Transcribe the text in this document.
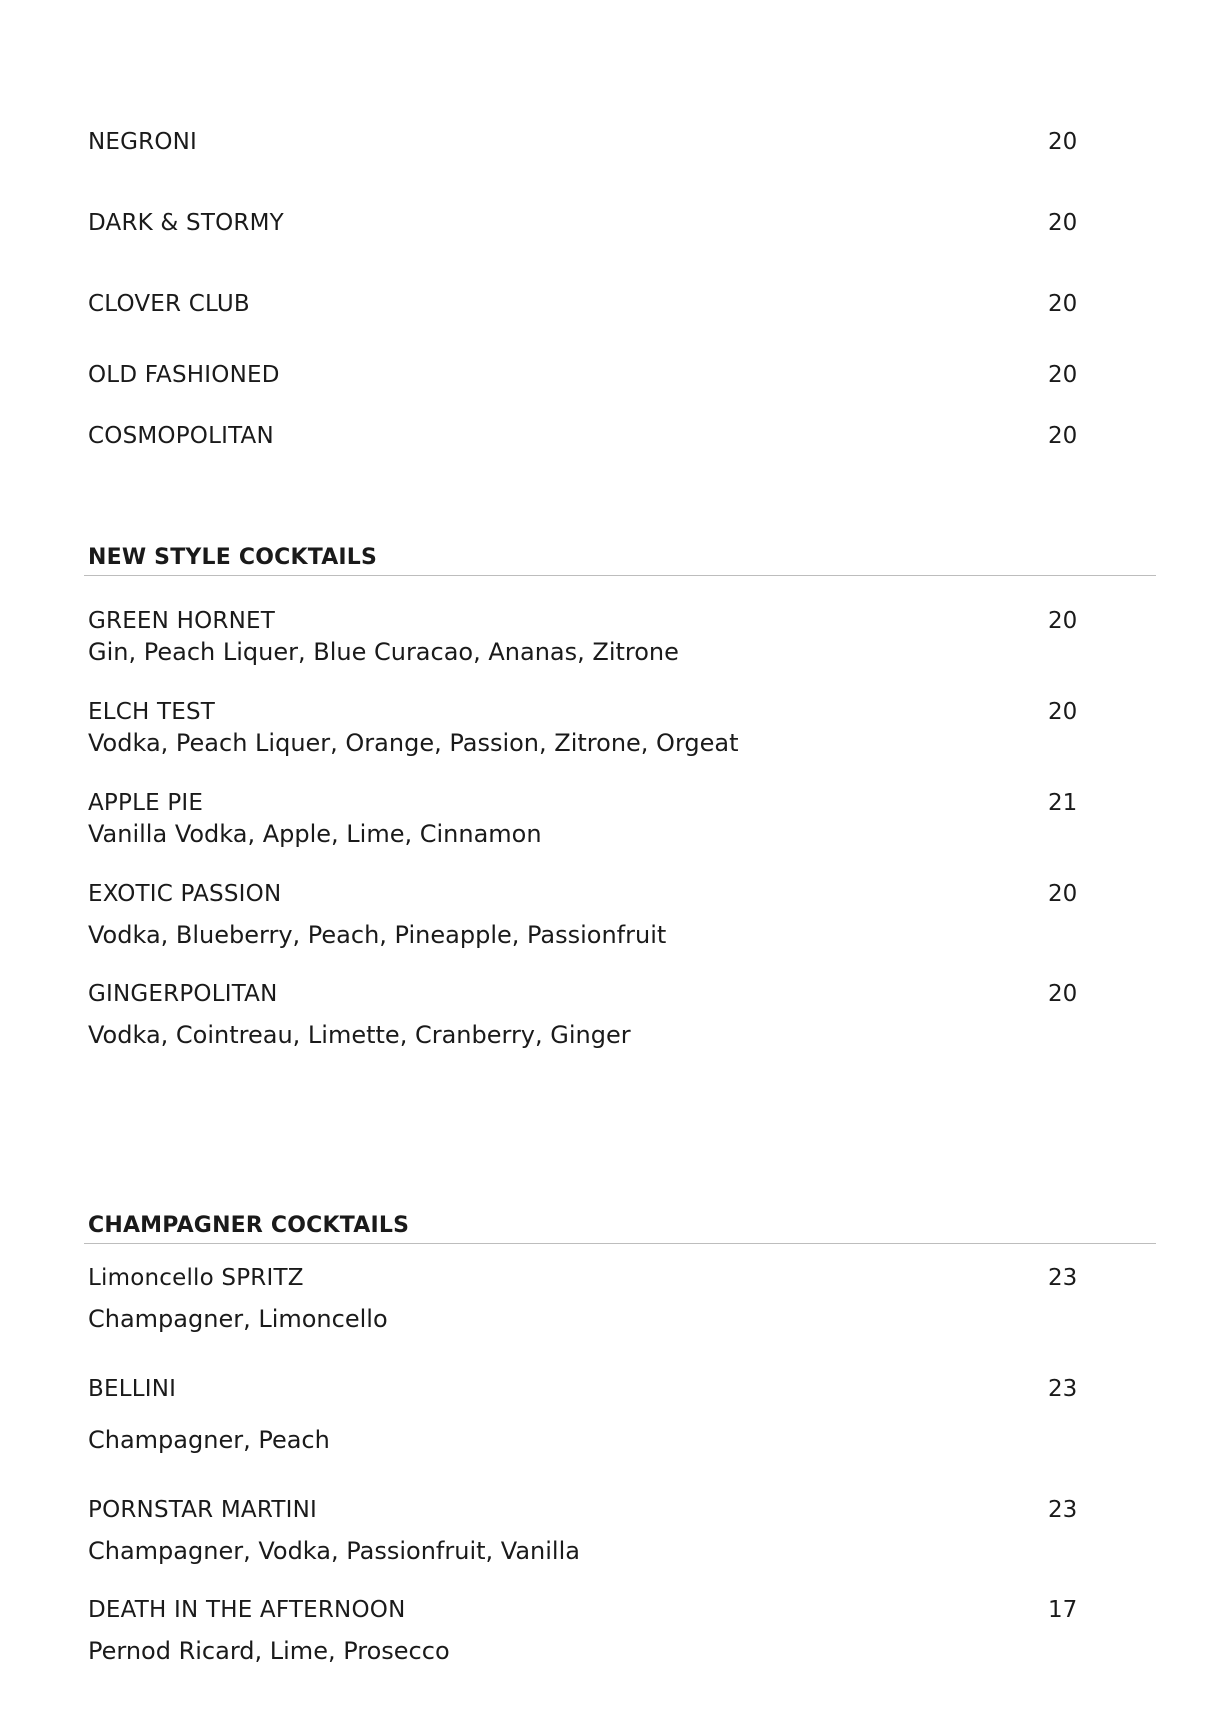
NEGRONI	20
DARK & STORMY	20
CLOVER CLUB	20
OLD FASHIONED	20
COSMOPOLITAN	20
NEW STYLE COCKTAILS
GREEN HORNET	20
Gin, Peach Liquer, Blue Curacao, Ananas, Zitrone
ELCH TEST	20
Vodka, Peach Liquer, Orange, Passion, Zitrone, Orgeat
APPLE PIE	21
Vanilla Vodka, Apple, Lime, Cinnamon
EXOTIC PASSION	20
Vodka, Blueberry, Peach, Pineapple, Passionfruit
GINGERPOLITAN	20
Vodka, Cointreau, Limette, Cranberry, Ginger
CHAMPAGNER COCKTAILS
Limoncello SPRITZ	23
Champagner, Limoncello
BELLINI	23
Champagner, Peach
PORNSTAR MARTINI	23
Champagner, Vodka, Passionfruit, Vanilla
DEATH IN THE AFTERNOON	17
Pernod Ricard, Lime, Prosecco
